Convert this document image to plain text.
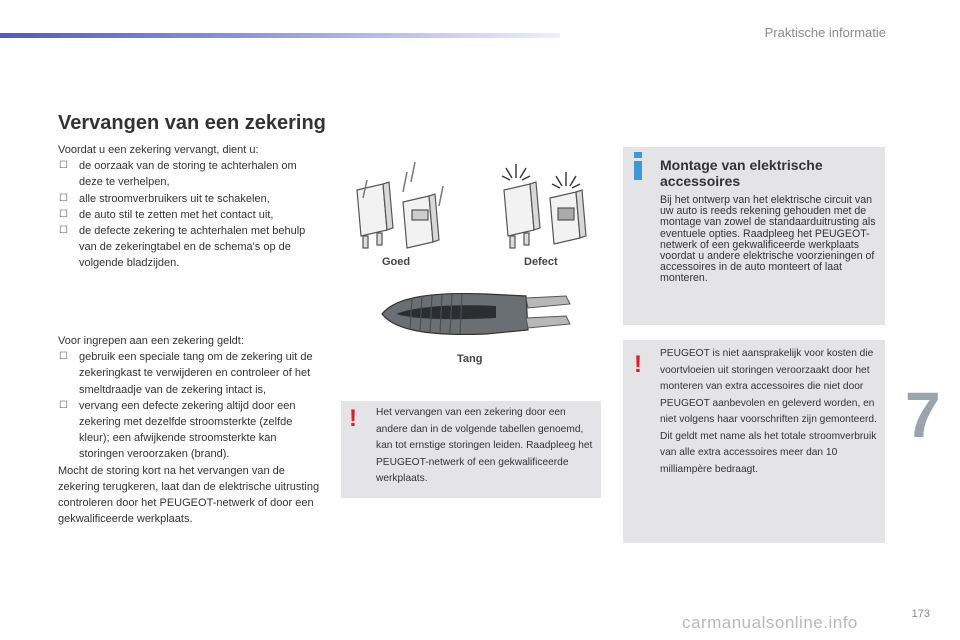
Praktische informatie
Vervangen van een zekering

Voordat u een zekering vervangt, dient u:

☐ de oorzaak van de storing te achterhalen om deze te verhelpen,
☐ alle stroomverbruikers uit te schakelen,
☐ de auto stil te zetten met het contact uit,
☐ de defecte zekering te achterhalen met behulp van de zekeringtabel en de schema's op de volgende bladzijden.

Voor ingrepen aan een zekering geldt:

☐ gebruik een speciale tang om de zekering uit de zekeringkast te verwijderen en controleer of het smeltdraadje van de zekering intact is,
☐ vervang een defecte zekering altijd door een zekering met dezelfde stroomsterkte (zelfde kleur); een afwijkende stroomsterkte kan storingen veroorzaken (brand).

Mocht de storing kort na het vervangen van de zekering terugkeren, laat dan de elektrische uitrusting controleren door het PEUGEOT-netwerk of door een gekwalificeerde werkplaats.

Goed	Defect
Tang
! Het vervangen van een zekering door een andere dan in de volgende tabellen genoemd, kan tot ernstige storingen leiden. Raadpleeg het PEUGEOT-netwerk of een gekwalificeerde werkplaats.
Montage van elektrische accessoires
Bij het ontwerp van het elektrische circuit van uw auto is reeds rekening gehouden met de montage van zowel de standaarduitrusting als eventuele opties. Raadpleeg het PEUGEOT-netwerk of een gekwalificeerde werkplaats voordat u andere elektrische voorzieningen of accessoires in de auto monteert of laat monteren.
! PEUGEOT is niet aansprakelijk voor kosten die voortvloeien uit storingen veroorzaakt door het monteren van extra accessoires die niet door PEUGEOT aanbevolen en geleverd worden, en niet volgens haar voorschriften zijn gemonteerd. Dit geldt met name als het totale stroomverbruik van alle extra accessoires meer dan 10 milliampère bedraagt.
7
carmanualsonline.info	173
